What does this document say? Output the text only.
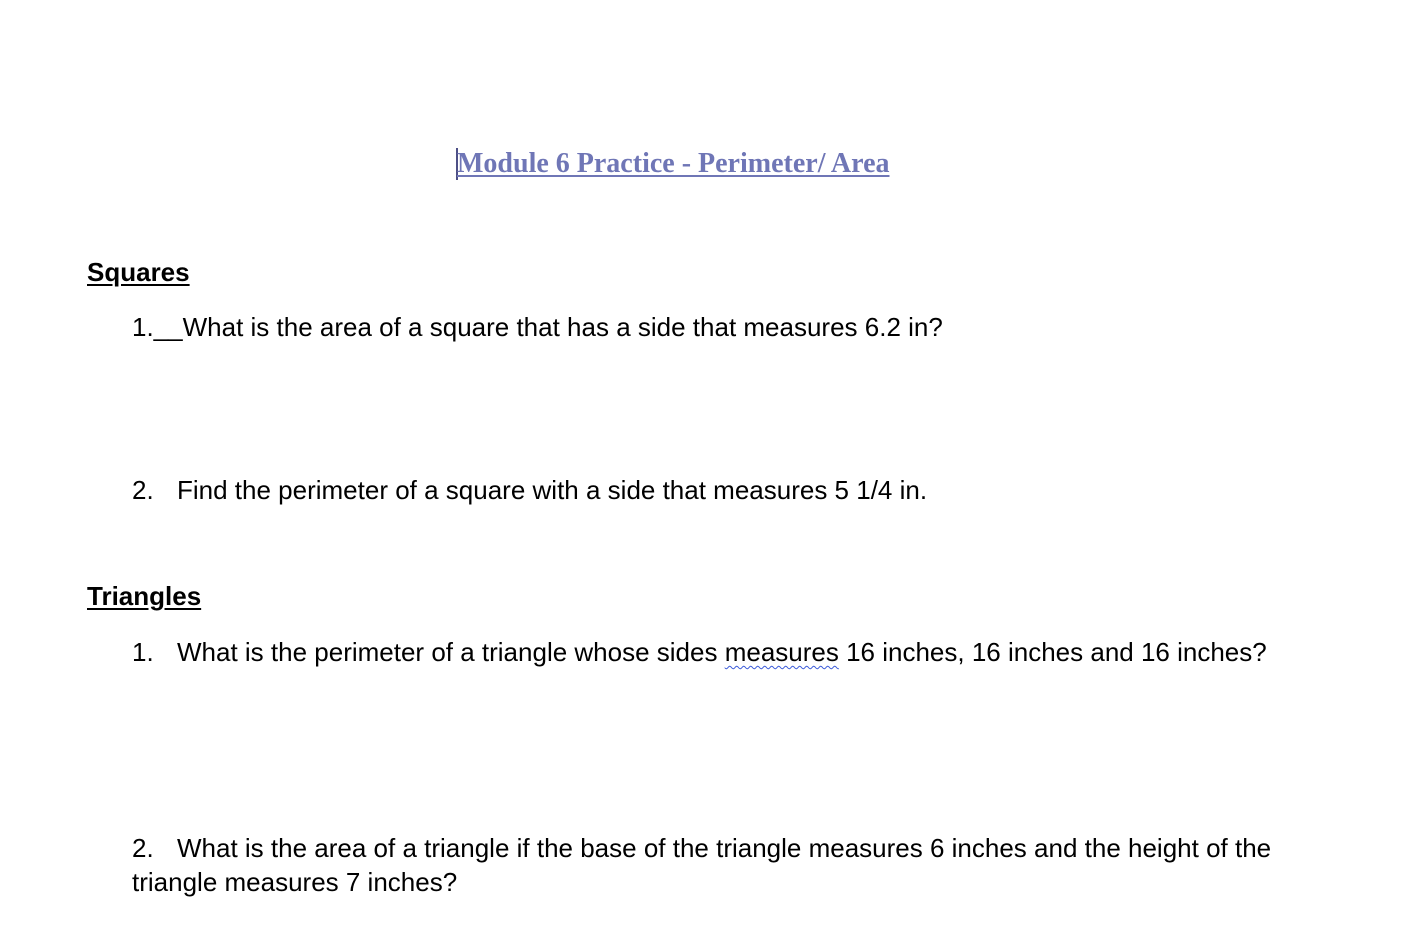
Module 6 Practice - Perimeter/ Area
Squares

1.__What is the area of a square that has a side that measures 6.2 in?

2. Find the perimeter of a square with a side that measures 5 1/4 in.

Triangles

1. What is the perimeter of a triangle whose sides measures 16 inches, 16 inches and 16 inches?

2. What is the area of a triangle if the base of the triangle measures 6 inches and the height of the triangle measures 7 inches?
